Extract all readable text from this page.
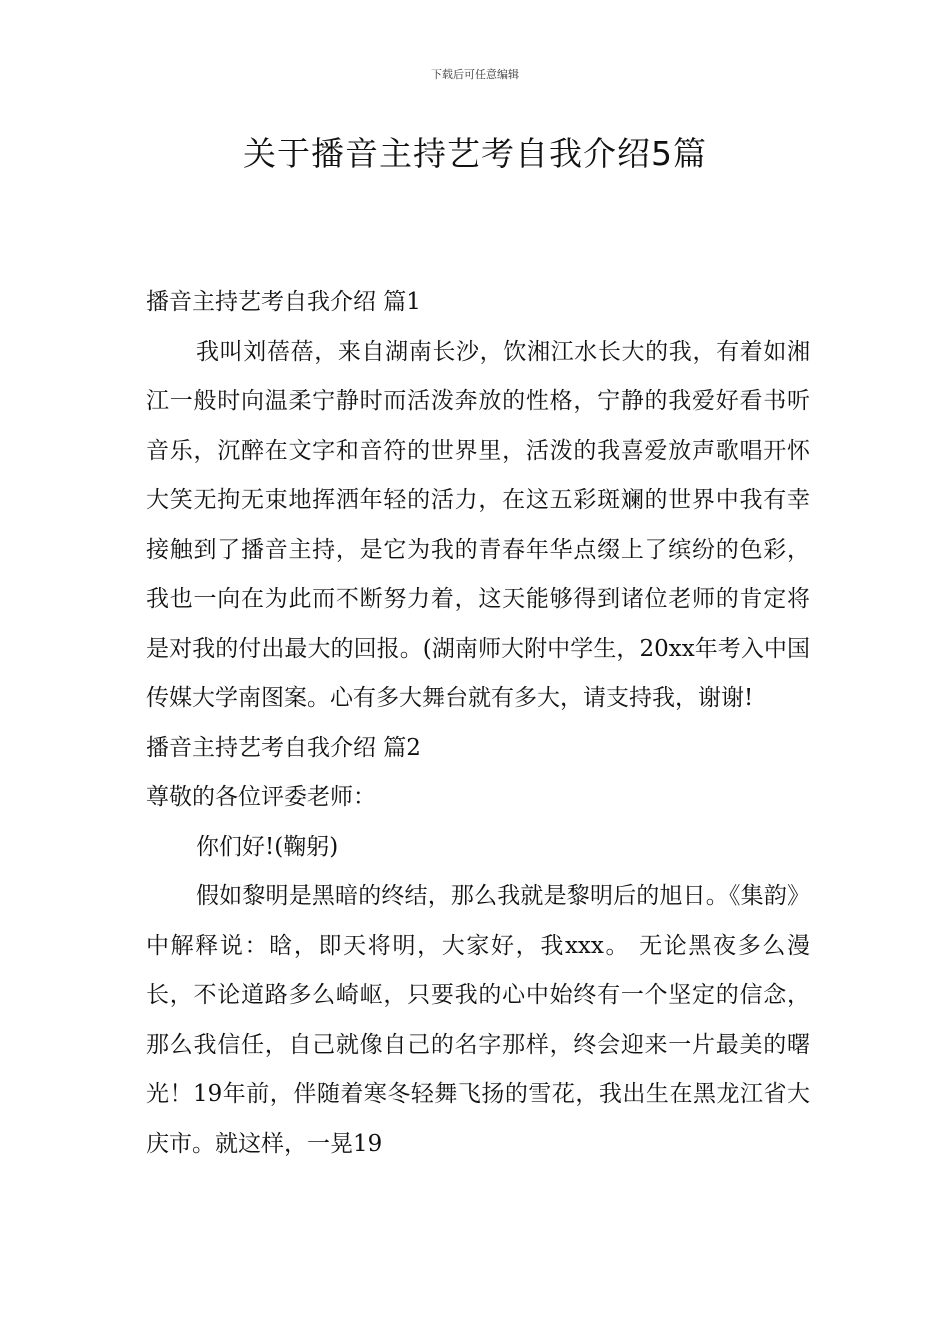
下载后可任意编辑
关于播音主持艺考自我介绍5篇

播音主持艺考自我介绍 篇1

我叫刘蓓蓓，来自湖南长沙，饮湘江水长大的我，有着如湘江一般时向温柔宁静时而活泼奔放的性格，宁静的我爱好看书听音乐，沉醉在文字和音符的世界里，活泼的我喜爱放声歌唱开怀大笑无拘无束地挥洒年轻的活力，在这五彩斑斓的世界中我有幸接触到了播音主持，是它为我的青春年华点缀上了缤纷的色彩，我也一向在为此而不断努力着，这天能够得到诸位老师的肯定将是对我的付出最大的回报。(湖南师大附中学生，20xx年考入中国传媒大学南图案。心有多大舞台就有多大，请支持我，谢谢!

播音主持艺考自我介绍 篇2

尊敬的各位评委老师：

你们好!(鞠躬)

假如黎明是黑暗的终结，那么我就是黎明后的旭日。《集韵》中解释说：晗，即天将明，大家好，我xxx。 无论黑夜多么漫长，不论道路多么崎岖，只要我的心中始终有一个坚定的信念，那么我信任，自己就像自己的名字那样，终会迎来一片最美的曙光！19年前，伴随着寒冬轻舞飞扬的雪花，我出生在黑龙江省大庆市。就这样，一晃19
